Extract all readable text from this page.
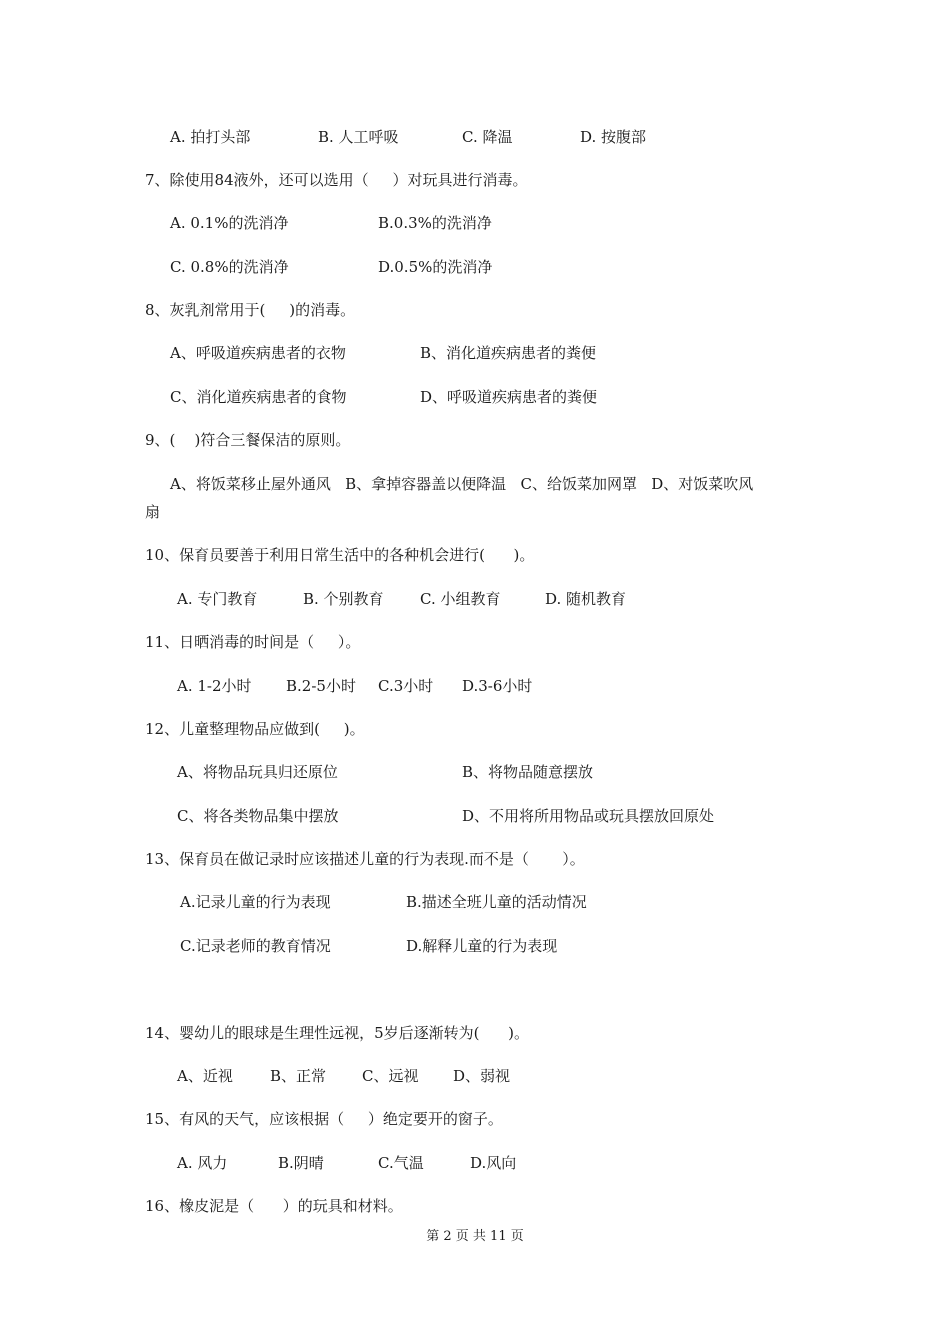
A. 拍打头部	B. 人工呼吸	C. 降温	D. 按腹部
7、除使用84液外，还可以选用（     ）对玩具进行消毒。
A. 0.1%的洗消净	B.0.3%的洗消净
C. 0.8%的洗消净	D.0.5%的洗消净
8、灰乳剂常用于(     )的消毒。
A、呼吸道疾病患者的衣物	B、消化道疾病患者的粪便
C、消化道疾病患者的食物	D、呼吸道疾病患者的粪便
9、(    )符合三餐保洁的原则。
A、将饭菜移止屋外通风   B、拿掉容器盖以便降温   C、给饭菜加网罩   D、对饭菜吹风
扇
10、保育员要善于利用日常生活中的各种机会进行(      )。
A. 专门教育	B. 个别教育 C. 小组教育	D. 随机教育
11、日晒消毒的时间是（     ）。
A. 1-2小时 B.2-5小时 C.3小时 D.3-6小时
12、儿童整理物品应做到(     )。
A、将物品玩具归还原位	B、将物品随意摆放
C、将各类物品集中摆放	D、不用将所用物品或玩具摆放回原处
13、保育员在做记录时应该描述儿童的行为表现.而不是（       ）。
A.记录儿童的行为表现	B.描述全班儿童的活动情况
C.记录老师的教育情况	D.解释儿童的行为表现
14、婴幼儿的眼球是生理性远视，5岁后逐渐转为(      )。
A、近视 B、正常 C、远视 D、弱视
15、有风的天气，应该根据（     ）绝定要开的窗子。
A. 风力	B.阴晴	C.气温	D.风向
16、橡皮泥是（      ）的玩具和材料。
第 2 页 共 11 页
